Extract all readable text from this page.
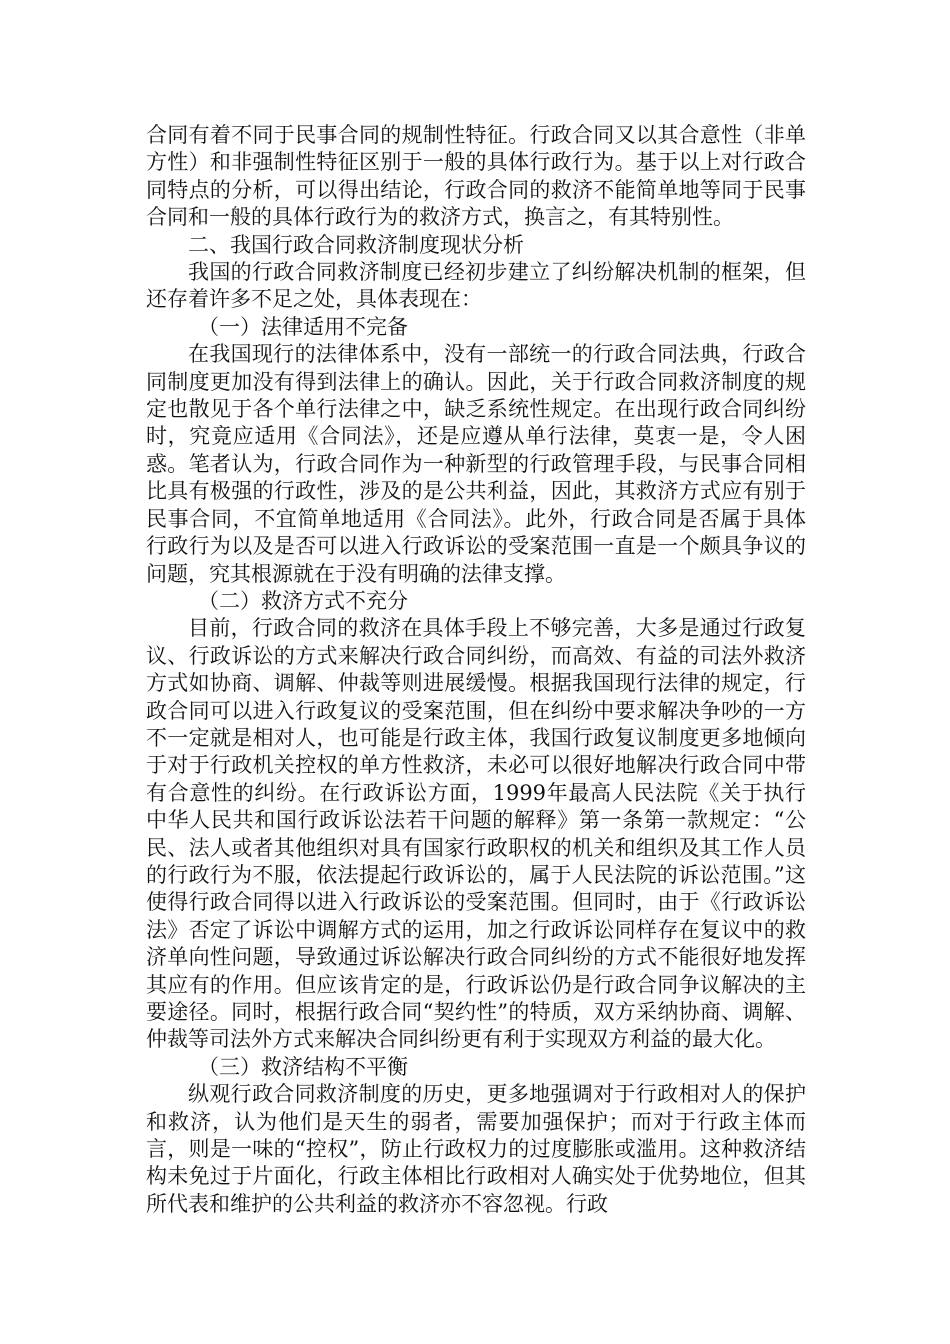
合同有着不同于民事合同的规制性特征。行政合同又以其合意性（非单方性）和非强制性特征区别于一般的具体行政行为。基于以上对行政合同特点的分析，可以得出结论，行政合同的救济不能简单地等同于民事合同和一般的具体行政行为的救济方式，换言之，有其特别性。

二、我国行政合同救济制度现状分析

我国的行政合同救济制度已经初步建立了纠纷解决机制的框架，但还存着许多不足之处，具体表现在：

（一）法律适用不完备

在我国现行的法律体系中，没有一部统一的行政合同法典，行政合同制度更加没有得到法律上的确认。因此，关于行政合同救济制度的规定也散见于各个单行法律之中，缺乏系统性规定。在出现行政合同纠纷时，究竟应适用《合同法》，还是应遵从单行法律，莫衷一是，令人困惑。笔者认为，行政合同作为一种新型的行政管理手段，与民事合同相比具有极强的行政性，涉及的是公共利益，因此，其救济方式应有别于民事合同，不宜简单地适用《合同法》。此外，行政合同是否属于具体行政行为以及是否可以进入行政诉讼的受案范围一直是一个颇具争议的问题，究其根源就在于没有明确的法律支撑。

（二）救济方式不充分

目前，行政合同的救济在具体手段上不够完善，大多是通过行政复议、行政诉讼的方式来解决行政合同纠纷，而高效、有益的司法外救济方式如协商、调解、仲裁等则进展缓慢。根据我国现行法律的规定，行政合同可以进入行政复议的受案范围，但在纠纷中要求解决争吵的一方不一定就是相对人，也可能是行政主体，我国行政复议制度更多地倾向于对于行政机关控权的单方性救济，未必可以很好地解决行政合同中带有合意性的纠纷。在行政诉讼方面，1999年最高人民法院《关于执行中华人民共和国行政诉讼法若干问题的解释》第一条第一款规定：“公民、法人或者其他组织对具有国家行政职权的机关和组织及其工作人员的行政行为不服，依法提起行政诉讼的，属于人民法院的诉讼范围。”这使得行政合同得以进入行政诉讼的受案范围。但同时，由于《行政诉讼法》否定了诉讼中调解方式的运用，加之行政诉讼同样存在复议中的救济单向性问题，导致通过诉讼解决行政合同纠纷的方式不能很好地发挥其应有的作用。但应该肯定的是，行政诉讼仍是行政合同争议解决的主要途径。同时，根据行政合同“契约性”的特质，双方采纳协商、调解、仲裁等司法外方式来解决合同纠纷更有利于实现双方利益的最大化。

（三）救济结构不平衡

纵观行政合同救济制度的历史，更多地强调对于行政相对人的保护和救济，认为他们是天生的弱者，需要加强保护；而对于行政主体而言，则是一味的“控权”，防止行政权力的过度膨胀或滥用。这种救济结构未免过于片面化，行政主体相比行政相对人确实处于优势地位，但其所代表和维护的公共利益的救济亦不容忽视。行政
